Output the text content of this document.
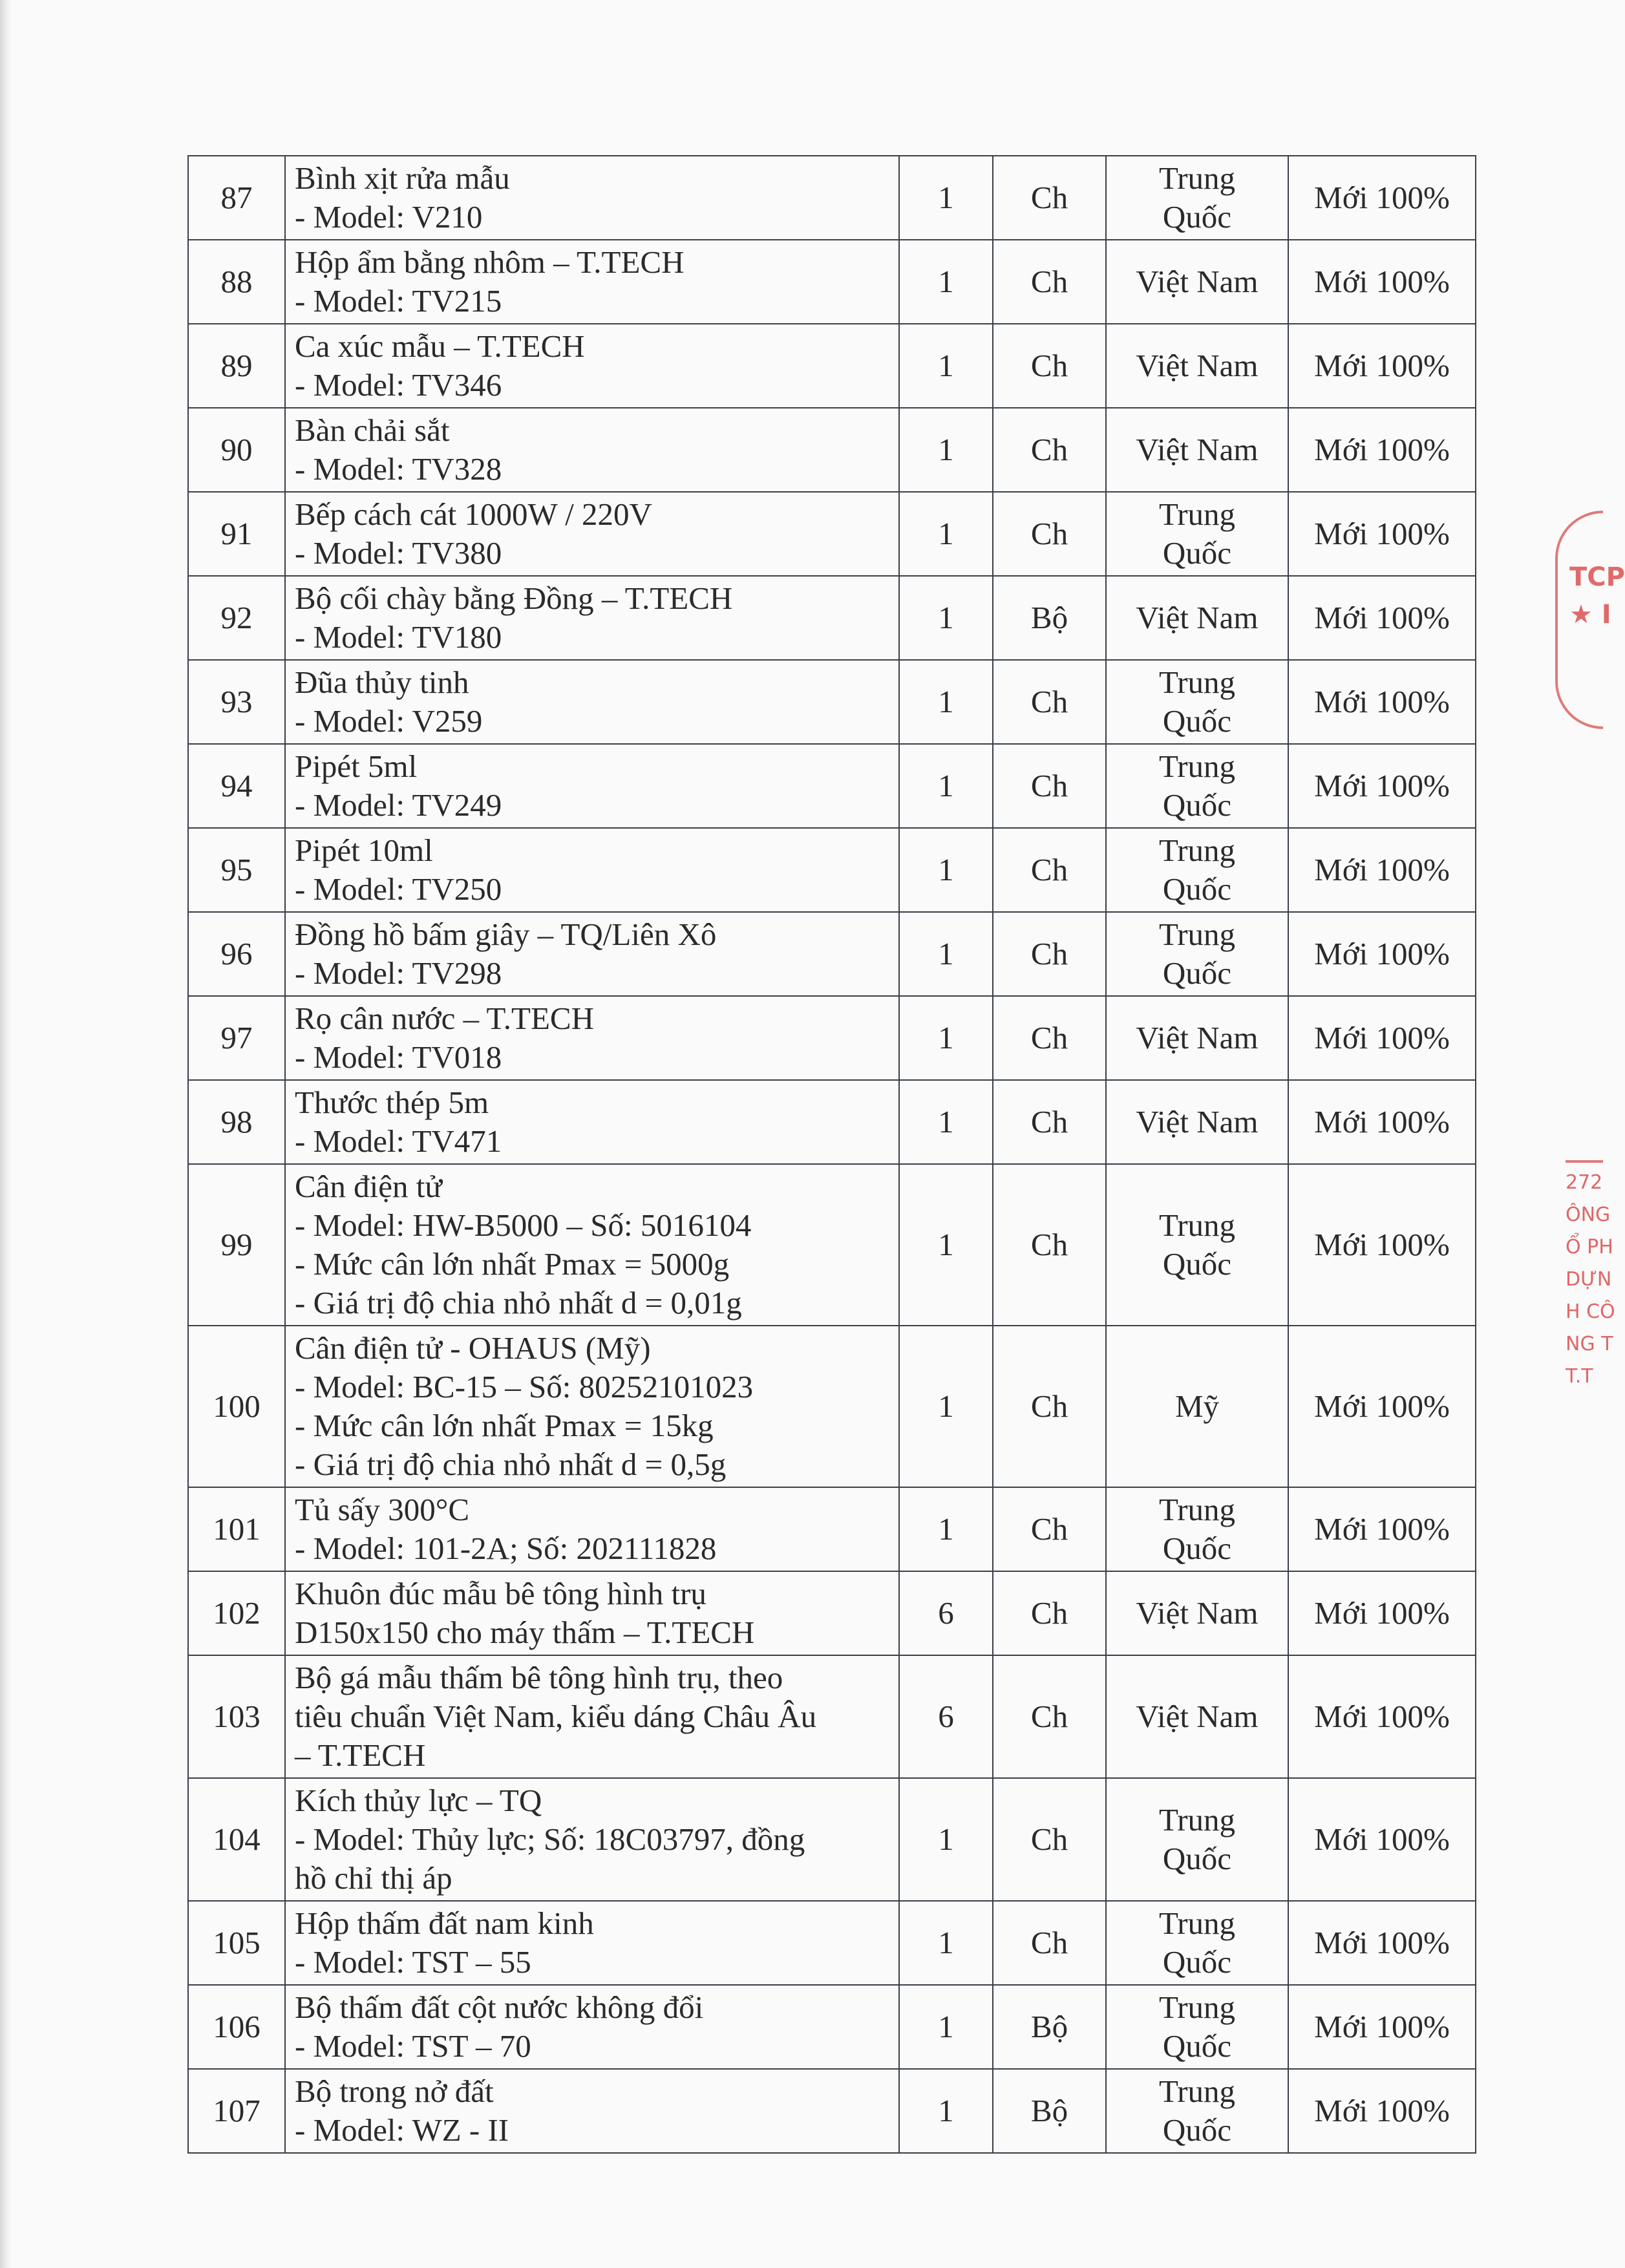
87	Bình xịt rửa mẫu
- Model: V210	1	Ch	Trung
Quốc	Mới 100%
88	Hộp ẩm bằng nhôm – T.TECH
- Model: TV215	1	Ch	Việt Nam	Mới 100%
89	Ca xúc mẫu – T.TECH
- Model: TV346	1	Ch	Việt Nam	Mới 100%
90	Bàn chải sắt
- Model: TV328	1	Ch	Việt Nam	Mới 100%
91	Bếp cách cát 1000W / 220V
- Model: TV380	1	Ch	Trung
Quốc	Mới 100%
92	Bộ cối chày bằng Đồng – T.TECH
- Model: TV180	1	Bộ	Việt Nam	Mới 100%
93	Đũa thủy tinh
- Model: V259	1	Ch	Trung
Quốc	Mới 100%
94	Pipét 5ml
- Model: TV249	1	Ch	Trung
Quốc	Mới 100%
95	Pipét 10ml
- Model: TV250	1	Ch	Trung
Quốc	Mới 100%
96	Đồng hồ bấm giây – TQ/Liên Xô
- Model: TV298	1	Ch	Trung
Quốc	Mới 100%
97	Rọ cân nước – T.TECH
- Model: TV018	1	Ch	Việt Nam	Mới 100%
98	Thước thép 5m
- Model: TV471	1	Ch	Việt Nam	Mới 100%
99	Cân điện tử
- Model: HW-B5000 – Số: 5016104
- Mức cân lớn nhất Pmax = 5000g
- Giá trị độ chia nhỏ nhất d = 0,01g	1	Ch	Trung
Quốc	Mới 100%
100	Cân điện tử - OHAUS (Mỹ)
- Model: BC-15 – Số: 80252101023
- Mức cân lớn nhất Pmax = 15kg
- Giá trị độ chia nhỏ nhất d = 0,5g	1	Ch	Mỹ	Mới 100%
101	Tủ sấy 300°C
- Model: 101-2A; Số: 202111828	1	Ch	Trung
Quốc	Mới 100%
102	Khuôn đúc mẫu bê tông hình trụ
D150x150 cho máy thấm – T.TECH	6	Ch	Việt Nam	Mới 100%
103	Bộ gá mẫu thấm bê tông hình trụ, theo
tiêu chuẩn Việt Nam, kiểu dáng Châu Âu
– T.TECH	6	Ch	Việt Nam	Mới 100%
104	Kích thủy lực – TQ
- Model: Thủy lực; Số: 18C03797, đồng
hồ chỉ thị áp	1	Ch	Trung
Quốc	Mới 100%
105	Hộp thấm đất nam kinh
- Model: TST – 55	1	Ch	Trung
Quốc	Mới 100%
106	Bộ thấm đất cột nước không đổi
- Model: TST – 70	1	Bộ	Trung
Quốc	Mới 100%
107	Bộ trong nở đất
- Model: WZ - II	1	Bộ	Trung
Quốc	Mới 100%
TCP ★ I
272
ÔNG
Ổ PH
DỰN
H CÔ
NG T
T.T
